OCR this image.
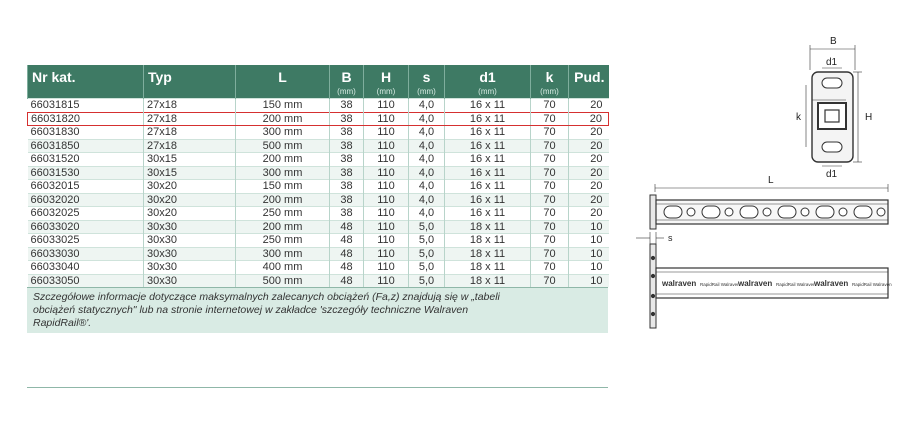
Nr kat.	Typ	L	B	H	s	d1	k	Pud.
			(mm)	(mm)	(mm)	(mm)	(mm)	
66031815	27x18	150 mm	38	110	4,0	16 x 11	70	20
66031820	27x18	200 mm	38	110	4,0	16 x 11	70	20
66031830	27x18	300 mm	38	110	4,0	16 x 11	70	20
66031850	27x18	500 mm	38	110	4,0	16 x 11	70	20
66031520	30x15	200 mm	38	110	4,0	16 x 11	70	20
66031530	30x15	300 mm	38	110	4,0	16 x 11	70	20
66032015	30x20	150 mm	38	110	4,0	16 x 11	70	20
66032020	30x20	200 mm	38	110	4,0	16 x 11	70	20
66032025	30x20	250 mm	38	110	4,0	16 x 11	70	20
66033020	30x30	200 mm	48	110	5,0	18 x 11	70	10
66033025	30x30	250 mm	48	110	5,0	18 x 11	70	10
66033030	30x30	300 mm	48	110	5,0	18 x 11	70	10
66033040	30x30	400 mm	48	110	5,0	18 x 11	70	10
66033050	30x30	500 mm	48	110	5,0	18 x 11	70	10
Szczegółowe informacje dotyczące maksymalnych zalecanych obciążeń (Fa,z) znajdują się w „tabeli
obciążeń statycznych" lub na stronie internetowej w zakładce 'szczegóły techniczne Walraven
RapidRail®'.
B
d1
d1
H
k
L
s
walraven RapidRail Walraven
walraven RapidRail Walraven
walraven RapidRail Walraven
